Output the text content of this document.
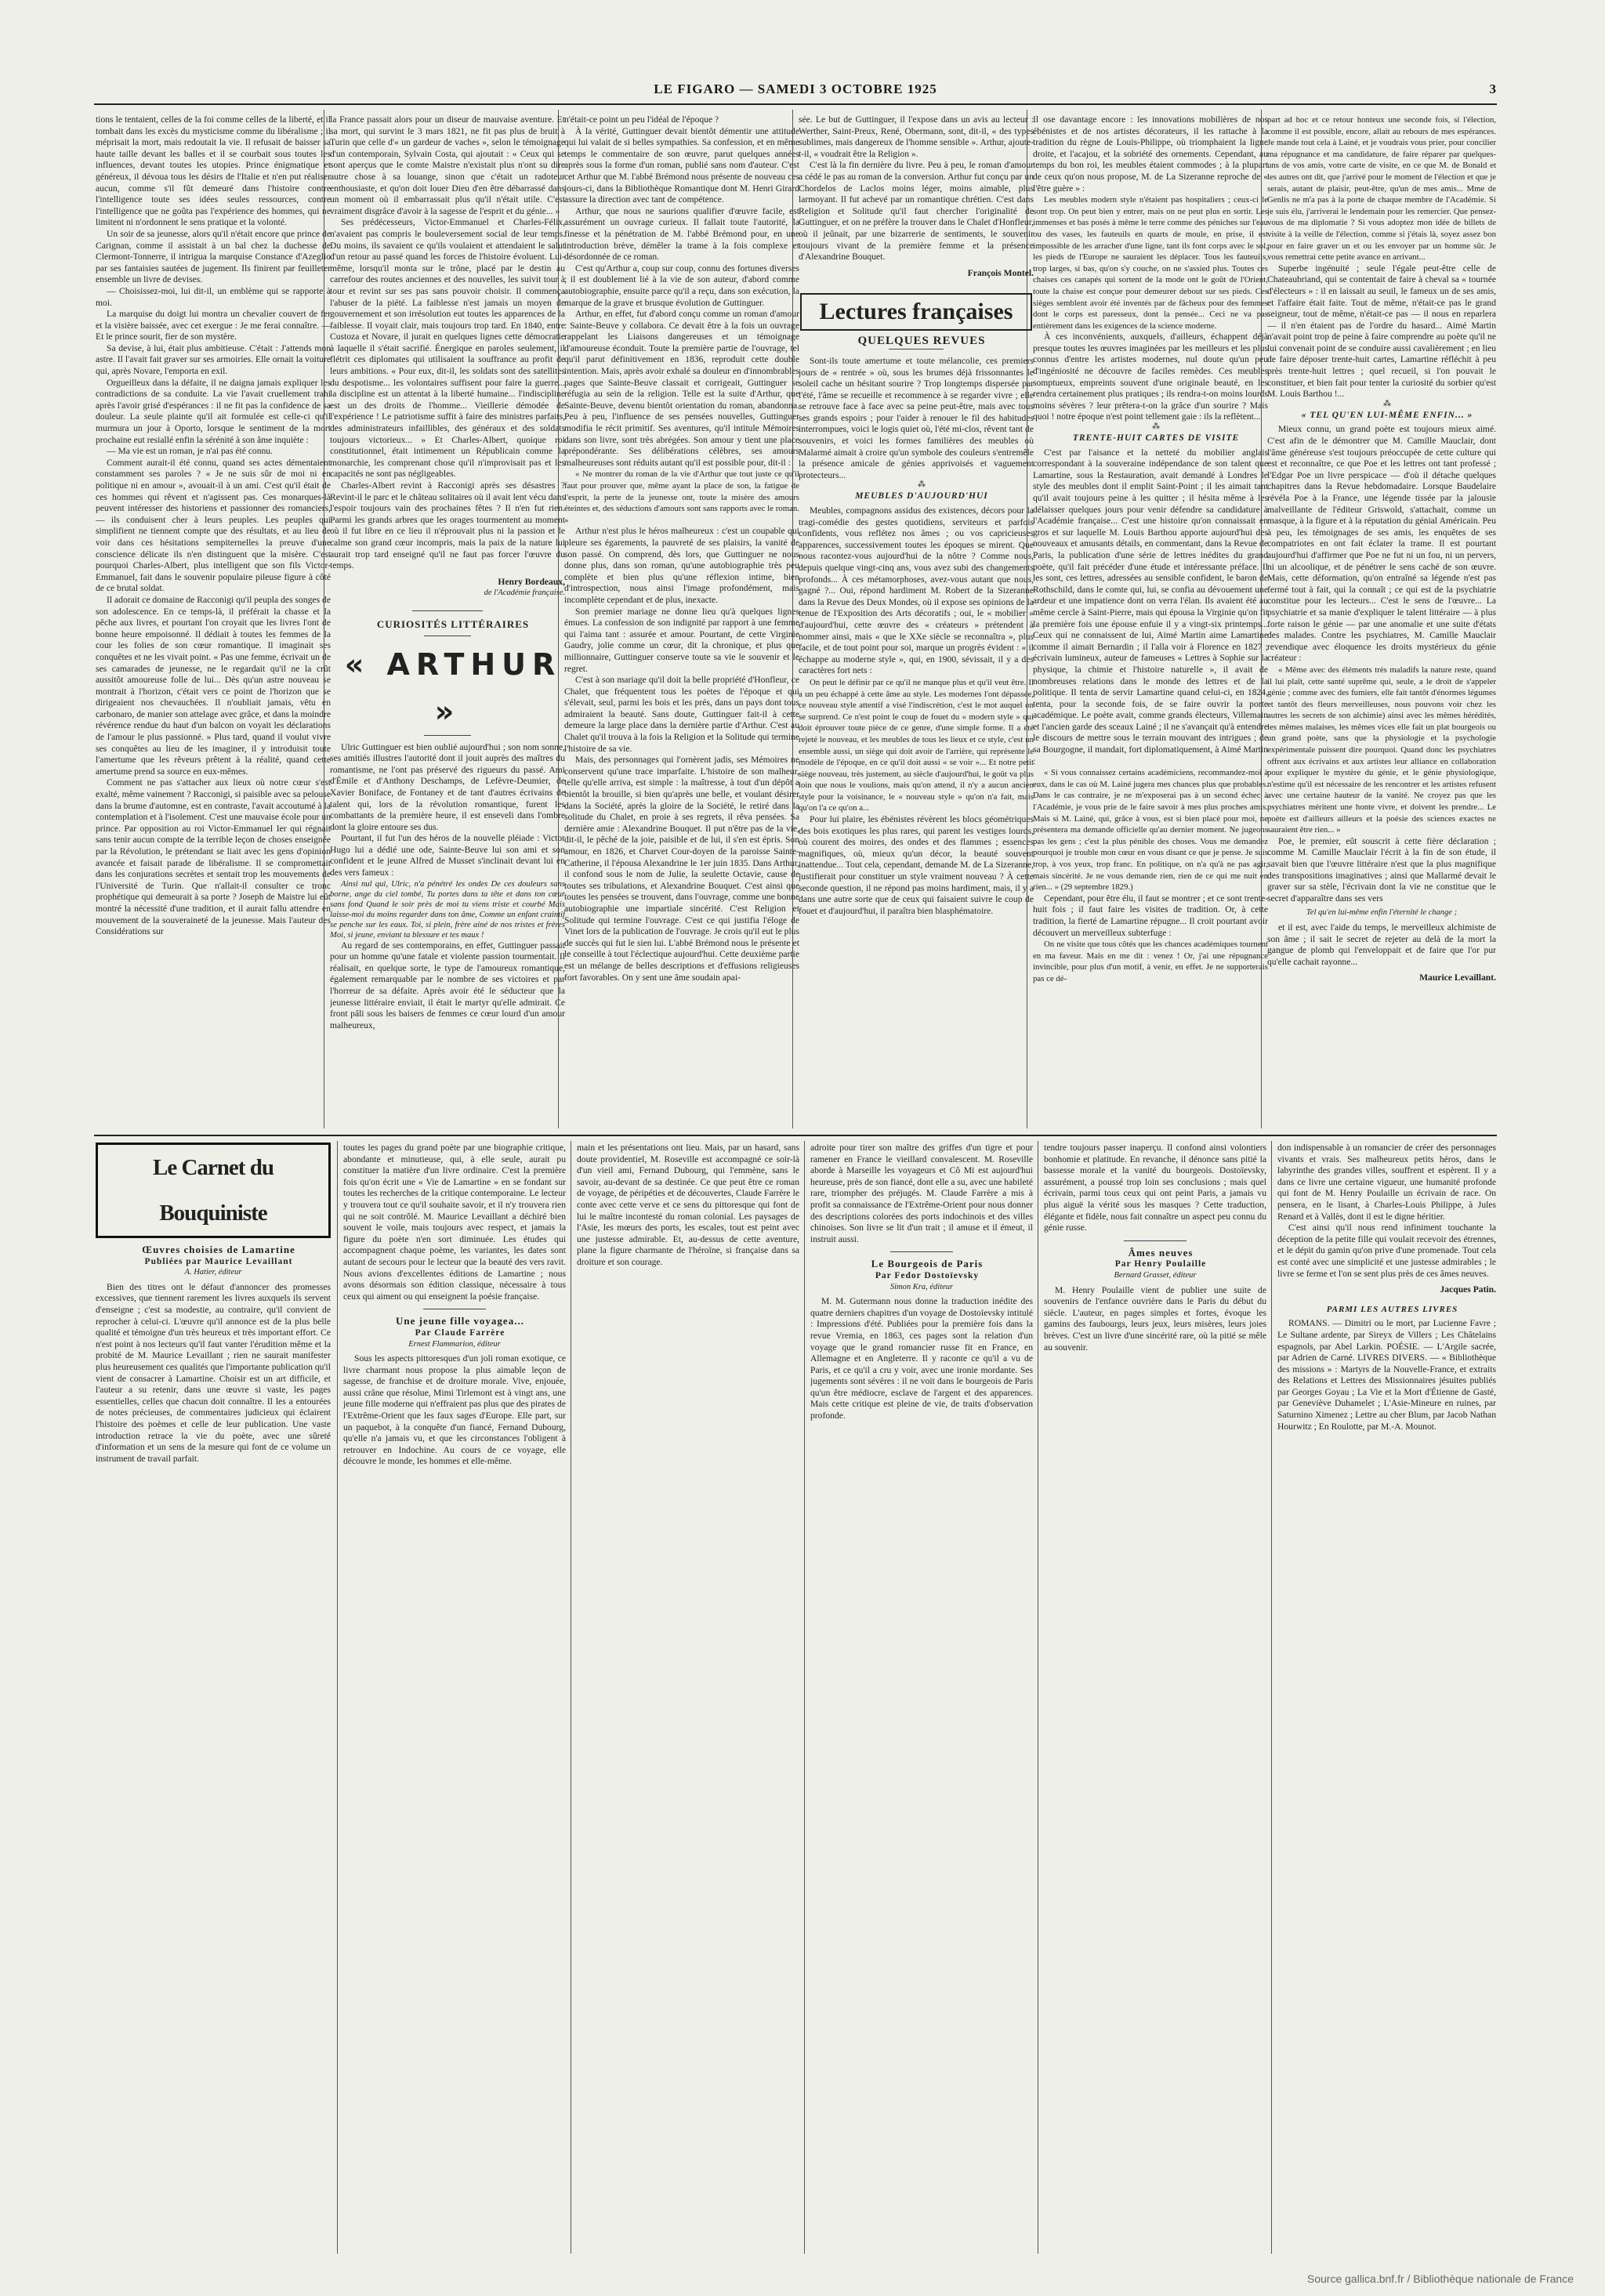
LE FIGARO — SAMEDI 3 OCTOBRE 1925	3

tions le tentaient, celles de la foi comme celles de la liberté, et il tombait dans les excès du mysticisme comme du libéralisme ; il méprisait la mort, mais redoutait la vie. Il refusait de baisser sa haute taille devant les balles et il se courbait sous toutes les influences, devant toutes les utopies. Prince énigmatique et généreux, il dévoua tous les désirs de l'Italie et n'en put réaliser aucun, comme s'il fût demeuré dans l'histoire contre l'intelligence toute ses idées seules ressources, contre l'intelligence que ne goûta pas l'expérience des hommes, qui ne limitent ni n'ordonnent le sens pratique et la volonté.

Un soir de sa jeunesse, alors qu'il n'était encore que prince de Carignan, comme il assistait à un bal chez la duchesse de Clermont-Tonnerre, il intrigua la marquise Constance d'Azeglio par ses fantaisies sautées de jugement. Ils finirent par feuilleter ensemble un livre de devises.

— Choisissez-moi, lui dit-il, un emblème qui se rapporte à moi.

La marquise du doigt lui montra un chevalier couvert de fer et la visière baissée, avec cet exergue : Je me ferai connaître. — Et le prince sourit, fier de son mystère.

Sa devise, à lui, était plus ambitieuse. C'était : J'attends mon astre. Il l'avait fait graver sur ses armoiries. Elle ornait la voiture qui, après Novare, l'emporta en exil.

Orgueilleux dans la défaite, il ne daigna jamais expliquer les contradictions de sa conduite. La vie l'avait cruellement trahi après l'avoir grisé d'espérances : il ne fit pas la confidence de sa douleur. La seule plainte qu'il ait formulée est celle-ci qu'il murmura un jour à Oporto, lorsque le sentiment de la mort prochaine eut resiallé enfin la sérénité à son âme inquiète :

— Ma vie est un roman, je n'ai pas été connu.

Comment aurait-il été connu, quand ses actes démentaient constamment ses paroles ? « Je ne suis sûr de moi ni en politique ni en amour », avouait-il à un ami. C'est qu'il était de ces hommes qui rêvent et n'agissent pas. Ces monarques-là peuvent intéresser des historiens et passionner des romanciers, — ils conduisent cher à leurs peuples. Les peuples qui simplifient ne tiennent compte que des résultats, et au lieu de voir dans ces hésitations sempiternelles la preuve d'une conscience délicate ils n'en distinguent que la misère. C'est pourquoi Charles-Albert, plus intelligent que son fils Victor-Emmanuel, fait dans le souvenir populaire pileuse figure à côté de ce brutal soldat.

Il adorait ce domaine de Racconigi qu'il peupla des songes de son adolescence. En ce temps-là, il préférait la chasse et la pêche aux livres, et pourtant l'on croyait que les livres l'ont de bonne heure empoisonné. Il dédiait à toutes les femmes de la cour les folies de son cœur romantique. Il imaginait ses conquêtes et ne les vivait point. « Pas une femme, écrivait un de ses camarades de jeunesse, ne le regardait qu'il ne la crût aussitôt amoureuse folle de lui... Dès qu'un astre nouveau se montrait à l'horizon, c'était vers ce point de l'horizon que se dirigeaient nos chevauchées. Il n'oubliait jamais, vêtu en carbonaro, de manier son attelage avec grâce, et dans la moindre révérence rendue du haut d'un balcon on voyait les déclarations de l'amour le plus passionné. » Plus tard, quand il voulut vivre ses conquêtes au lieu de les imaginer, il y introduisit toute l'amertume que les rêveurs prêtent à la réalité, quand cette amertume prend sa source en eux-mêmes.

Comment ne pas s'attacher aux lieux où notre cœur s'est exalté, même vainement ? Racconigi, si paisible avec sa pelouse dans la brume d'automne, est en contraste, l'avait accoutumé à la contemplation et à l'isolement. C'est une mauvaise école pour un prince. Par opposition au roi Victor-Emmanuel Ier qui régnait sans tenir aucun compte de la terrible leçon de choses enseignée par la Révolution, le prétendant se liait avec les gens d'opinion avancée et faisait parade de libéralisme. Il se compromettait dans les conjurations secrètes et sentait trop les mouvements de l'Université de Turin. Que n'allait-il consulter ce tronc prophétique qui demeurait à sa porte ? Joseph de Maistre lui eût montré la nécessité d'une tradition, et il aurait fallu attendre en mouvement de la souveraineté de la jeunesse. Mais l'auteur des Considérations sur

la France passait alors pour un diseur de mauvaise aventure. Et sa mort, qui survint le 3 mars 1821, ne fit pas plus de bruit à Turin que celle d'« un gardeur de vaches », selon le témoignage d'un contemporain, Sylvain Costa, qui ajoutait : « Ceux qui se sont aperçus que le comte Maistre n'existait plus n'ont su dire autre chose à sa louange, sinon que c'était un radoteur enthousiaste, et qu'on doit louer Dieu d'en être débarrassé dans un moment où il embarrassait plus qu'il n'était utile. C'est vraiment disgrâce d'avoir à la sagesse de l'esprit et du génie... »

Ses prédécesseurs, Victor-Emmanuel et Charles-Félix, n'avaient pas compris le bouleversement social de leur temps. Du moins, ils savaient ce qu'ils voulaient et attendaient le salut d'un retour au passé quand les forces de l'histoire évoluent. Lui-même, lorsqu'il monta sur le trône, placé par le destin au carrefour des routes anciennes et des nouvelles, les suivit tour à tour et revint sur ses pas sans pouvoir choisir. Il commença l'abuser de la piété. La faiblesse n'est jamais un moyen de gouvernement et son irrésolution eut toutes les apparences de la faiblesse. Il voyait clair, mais toujours trop tard. En 1840, entre Custoza et Novare, il jurait en quelques lignes cette démocratie à laquelle il s'était sacrifié. Énergique en paroles seulement, il flétrit ces diplomates qui utilisaient la souffrance au profit de leurs ambitions. « Pour eux, dit-il, les soldats sont des satellites du despotisme... les volontaires suffisent pour faire la guerre... la discipline est un attentat à la liberté humaine... l'indiscipline est un des droits de l'homme... Vieillerie démodée de l'expérience ! Le patriotisme suffit à faire des ministres parfaits, des administrateurs infaillibles, des généraux et des soldats toujours victorieux... » Et Charles-Albert, quoique roi constitutionnel, était intimement un Républicain comme la monarchie, les comprenant chose qu'il n'improvisait pas et les capacités ne sont pas négligeables.

Charles-Albert revint à Racconigi après ses désastres ? Revint-il le parc et le château solitaires où il avait lent vécu dans l'espoir toujours vain des prochaines fêtes ? Il n'en fut rien. Parmi les grands arbres que les orages tourmentent au moment où il fut libre en ce lieu il n'éprouvait plus ni la passion et le calme son grand cœur incompris, mais la paix de la nature lui aurait trop tard enseigné qu'il ne faut pas forcer l'œuvre du temps.

Henry Bordeaux,

de l'Académie française.

CURIOSITÉS LITTÉRAIRES

« ARTHUR »

Ulric Guttinguer est bien oublié aujourd'hui ; son nom sonne, ses amitiés illustres l'autorité dont il jouit auprès des maîtres du romantisme, ne l'ont pas préservé des rigueurs du passé. Ami d'Émile et d'Anthony Deschamps, de Lefèvre-Deumier, de Xavier Boniface, de Fontaney et de tant d'autres écrivains de talent qui, lors de la révolution romantique, furent les combattants de la première heure, il est enseveli dans l'ombre dont la gloire entoure ses dus.

Pourtant, il fut l'un des héros de la nouvelle pléiade : Victor Hugo lui a dédié une ode, Sainte-Beuve lui son ami et son confident et le jeune Alfred de Musset s'inclinait devant lui en des vers fameux :

Ainsi nul qui, Ulric, n'a pénétré les ondes De ces douleurs sans borne, ange du ciel tombé, Tu portes dans ta tête et dans ton cœur sans fond Quand le soir près de moi tu viens triste et courbé Mais laisse-moi du moins regarder dans ton âme, Comme un enfant craintif se penche sur les eaux. Toi, si plein, frère ainé de nos tristes et frères Moi, si jeune, enviant ta blessure et tes maux !

Au regard de ses contemporains, en effet, Guttinguer passait pour un homme qu'une fatale et violente passion tourmentait. Il réalisait, en quelque sorte, le type de l'amoureux romantique, également remarquable par le nombre de ses victoires et par l'horreur de sa défaite. Après avoir été le séducteur que la jeunesse littéraire enviait, il était le martyr qu'elle admirait. Ce front pâli sous les baisers de femmes ce cœur lourd d'un amour malheureux,

n'était-ce point un peu l'idéal de l'époque ?

À la vérité, Guttinguer devait bientôt démentir une attitude qui lui valait de si belles sympathies. Sa confession, et en même temps le commentaire de son œuvre, parut quelques années après sous la forme d'un roman, publié sans nom d'auteur. C'est cet Arthur que M. l'abbé Brémond nous présente de nouveau ces jours-ci, dans la Bibliothèque Romantique dont M. Henri Girard assure la direction avec tant de compétence.

Arthur, que nous ne saurions qualifier d'œuvre facile, est assurément un ouvrage curieux. Il fallait toute l'autorité, la finesse et la pénétration de M. l'abbé Brémond pour, en une introduction brève, démêler la trame à la fois complexe et désordonnée de ce roman.

C'est qu'Arthur a, coup sur coup, connu des fortunes diverses ; il est doublement lié à la vie de son auteur, d'abord comme autobiographie, ensuite parce qu'il a reçu, dans son exécution, la marque de la grave et brusque évolution de Guttinguer.

Arthur, en effet, fut d'abord conçu comme un roman d'amour : Sainte-Beuve y collabora. Ce devait être à la fois un ouvrage rappelant les Liaisons dangereuses et un témoignage d'amoureuse éconduit. Toute la première partie de l'ouvrage, tel qu'il parut définitivement en 1836, reproduit cette double intention. Mais, après avoir exhalé sa douleur en d'innombrables pages que Sainte-Beuve classait et corrigeait, Guttinguer se réfugia au sein de la religion. Telle est la suite d'Arthur, que Sainte-Beuve, devenu bientôt orientation du roman, abandonna. Peu à peu, l'influence de ses pensées nouvelles, Guttinguer modifia le récit primitif. Ses aventures, qu'il intitule Mémoires dans son livre, sont très abrégées. Son amour y tient une place prépondérante. Ses délibérations célèbres, ses amours malheureuses sont réduits autant qu'il est possible pour, dit-il :

« Ne montrer du roman de la vie d'Arthur que tout juste ce qu'il faut pour prouver que, même ayant la place de son, la fatigue de l'esprit, la perte de la jeunesse ont, toute la misère des amours éteintes et, des séductions d'amours sont sans rapports avec le roman. »

Arthur n'est plus le héros malheureux : c'est un coupable qui pleure ses égarements, la pauvreté de ses plaisirs, la vanité de son passé. On comprend, dès lors, que Guttinguer ne nous donne plus, dans son roman, qu'une autobiographie très peu complète et bien plus qu'une réflexion intime, bien d'introspection, nous ainsi l'image profondément, mais incomplète cependant et de plus, inexacte.

Son premier mariage ne donne lieu qu'à quelques lignes émues. La confession de son indignité par rapport à une femme qui l'aima tant : assurée et amour. Pourtant, de cette Virginie Gaudry, jolie comme un cœur, dit la chronique, et plus que millionnaire, Guttinguer conserve toute sa vie le souvenir et le regret.

C'est à son mariage qu'il doit la belle propriété d'Honfleur, ce Chalet, que fréquentent tous les poètes de l'époque et qui s'élevait, seul, parmi les bois et les prés, dans un pays dont tous admiraient la beauté. Sans doute, Guttinguer fait-il à cette demeure la large place dans la dernière partie d'Arthur. C'est au Chalet qu'il trouva à la fois la Religion et la Solitude qui termine l'histoire de sa vie.

Mais, des personnages qui l'ornèrent jadis, ses Mémoires ne conservent qu'une trace imparfaite. L'histoire de son malheur, telle qu'elle arriva, est simple : la maîtresse, à tout d'un dépôt a bientôt la brouille, si bien qu'après une belle, et voulant désirer dans la Société, après la gloire de la Société, le retiré dans la solitude du Chalet, en proie à ses regrets, il rêva pensées. Sa dernière amie : Alexandrine Bouquet. Il put n'être pas de la vie, dit-il, le pêché de la joie, paisible et de lui, il s'en est épris. Son amour, en 1826, et Charvet Cour-doyen de la paroisse Sainte-Catherine, il l'épousa Alexandrine le 1er juin 1835. Dans Arthur, il confond sous le nom de Julie, la seulette Octavie, cause de toutes ses tribulations, et Alexandrine Bouquet. C'est ainsi que toutes les pensées se trouvent, dans l'ouvrage, comme une bonne autobiographie une impartiale sincérité. C'est Religion et Solitude qui termine l'ouvrage. C'est ce qui justifia l'éloge de Vinet lors de la publication de l'ouvrage. Je crois qu'il eut le plus de succès qui fut le sien lui. L'abbé Brémond nous le présente et le conseille à tout l'éclectique aujourd'hui. Cette deuxième partie est un mélange de belles descriptions et d'effusions religieuses fort favorables. On y sent une âme soudain apai-

sée. Le but de Guttinguer, il l'expose dans un avis au lecteur : Werther, Saint-Preux, René, Obermann, sont, dit-il, « des types sublimes, mais dangereux de l'homme sensible ». Arthur, ajoute-t-il, « voudrait être la Religion ».

C'est là la fin dernière du livre. Peu à peu, le roman d'amour a cédé le pas au roman de la conversion. Arthur fut conçu par un Chordelos de Laclos moins léger, moins aimable, plus larmoyant. Il fut achevé par un romantique chrétien. C'est dans Religion et Solitude qu'il faut chercher l'originalité de Guttinguer, et on ne préfère la trouver dans le Chalet d'Honfleur, où il jeûnait, par une bizarrerie de sentiments, le souvenir toujours vivant de la première femme et la présence d'Alexandrine Bouquet.

François Montel.

Lectures françaises

QUELQUES REVUES

Sont-ils toute amertume et toute mélancolie, ces premiers jours de « rentrée » où, sous les brumes déjà frissonnantes le soleil cache un hésitant sourire ? Trop longtemps dispersée par l'été, l'âme se recueille et recommence à se regarder vivre ; elle se retrouve face à face avec sa peine peut-être, mais avec tous ses grands espoirs ; pour l'aider à renouer le fil des habitudes interrompues, voici le logis quiet où, l'été mi-clos, rêvent tant de souvenirs, et voici les formes familières des meubles où Malarmé aimait à croire qu'un symbole des couleurs s'entremêle la présence amicale de génies apprivoisés et vaguement protecteurs...

⁂

MEUBLES D'AUJOURD'HUI

Meubles, compagnons assidus des existences, décors pour la tragi-comédie des gestes quotidiens, serviteurs et parfois confidents, vous reflétez nos âmes ; ou vos capricieuses apparences, successivement toutes les époques se mirent. Que nous racontez-vous aujourd'hui de la nôtre ? Comme nous, depuis quelque vingt-cinq ans, vous avez subi des changements profonds... À ces métamorphoses, avez-vous autant que nous, gagné ?... Oui, répond hardiment M. Robert de la Sizeranne dans la Revue des Deux Mondes, où il expose ses opinions de la tenue de l'Exposition des Arts décoratifs ; oui, le « mobilier » d'aujourd'hui, cette œuvre des « créateurs » prétendent à nommer ainsi, mais « que le XXe siècle se reconnaîtra », plus facile, et de tout point pour soi, marque un progrès évident : « il échappe au moderne style », qui, en 1900, sévissait, il y a des caractères fort nets :

On peut le définir par ce qu'il ne manque plus et qu'il veut être. Il a un peu échappé à cette âme au style. Les modernes l'ont dépassée, ce nouveau style attentif a visé l'indiscrétion, c'est le mot auquel on se surprend. Ce n'est point le coup de fouet du « modern style » qui doit éprouver toute pièce de ce genre, d'une simple forme. Il a été rejeté le nouveau, et les meubles de tous les lieux et ce style, c'est un ensemble aussi, un siège qui doit avoir de l'arrière, qui représente le modèle de l'époque, en ce qu'il doit aussi « se voir »... Et notre petit siège nouveau, très justement, au siècle d'aujourd'hui, le goût va plus loin que nous le voulions, mais qu'on attend, il n'y a aucun ancien style pour la voisinance, le « nouveau style » qu'on n'a fait, mais qu'on l'a ce qu'on a...

Pour lui plaire, les ébénistes révèrent les blocs géométriques des bois exotiques les plus rares, qui parent les vestiges lourds, où courent des moires, des ondes et des flammes ; essences magnifiques, où, mieux qu'un décor, la beauté souvent inattendue... Tout cela, cependant, demande M. de La Sizeranne, justifierait pour constituer un style vraiment nouveau ? À cette seconde question, il ne répond pas moins hardiment, mais, il y a dans une autre sorte que de ceux qui faisaient suivre le coup de fouet et d'aujourd'hui, il paraîtra bien blasphématoire.

Il ose davantage encore : les innovations mobilières de nos ébénistes et de nos artistes décorateurs, il les rattache à la tradition du règne de Louis-Philippe, où triomphaient la ligne droite, et l'acajou, et la sobriété des ornements. Cependant, au temps du bon roi, les meubles étaient commodes ; à la plupart de ceux qu'on nous propose, M. de La Sizeranne reproche de « l'être guère » :

Les meubles modern style n'étaient pas hospitaliers ; ceux-ci le sont trop. On peut bien y entrer, mais on ne peut plus en sortir. Les immenses et bas posés à même le terre comme des péniches sur l'eau ou des vases, les fauteuils en quarts de moule, en prise, il est impossible de les arracher d'une ligne, tant ils font corps avec le sol, les pieds de l'Europe ne sauraient les déplacer. Tous les fauteuils, trop larges, si bas, qu'on s'y couche, on ne s'assied plus. Toutes ces chaises ces canapés qui sortent de la mode ont le goût de l'Orient, toute la chaise est conçue pour demeurer debout sur ses pieds. Ces sièges semblent avoir été inventés par de fâcheux pour des femmes dont le corps est paresseux, dont la pensée... Ceci ne va pas entièrement dans les exigences de la science moderne.

À ces inconvénients, auxquels, d'ailleurs, échappent déjà presque toutes les œuvres imaginées par les meilleurs et les plus connus d'entre les artistes modernes, nul doute qu'un peu d'ingéniosité ne découvre de faciles remèdes. Ces meubles somptueux, empreints souvent d'une originale beauté, en les rendra certainement plus pratiques ; ils rendra-t-on moins lourds moins sévères ? leur prêtera-t-on la grâce d'un sourire ? Mais quoi ! notre époque n'est point tellement gaie : ils la reflètent...

⁂

TRENTE-HUIT CARTES DE VISITE

C'est par l'aisance et la netteté du mobilier anglais correspondant à la souveraine indépendance de son talent que Lamartine, sous la Restauration, avait demandé à Londres le style des meubles dont il emplit Saint-Point ; il les aimait tant qu'il avait toujours peine à les quitter ; il hésita même à les délaisser quelques jours pour venir défendre sa candidature à l'Académie française... C'est une histoire qu'on connaissait en gros et sur laquelle M. Louis Barthou apporte aujourd'hui des nouveaux et amusants détails, en commentant, dans la Revue de Paris, la publication d'une série de lettres inédites du grand poète, qu'il fait précéder d'une étude et intéressante préface. Il les sont, ces lettres, adressées au sensible confident, le baron de Rothschild, dans le comte qui, lui, se confia au dévouement une ardeur et une impatience dont on verra l'élan. Ils avaient été au même cercle à Saint-Pierre, mais qui épousa la Virginie qu'on fit la première fois une épouse enfuie il y a vingt-six printemps... Ceux qui ne connaissent de lui, Aimé Martin aime Lamartine comme il aimait Bernardin ; il l'alla voir à Florence en 1827 ; écrivain lumineux, auteur de fameuses « Lettres à Sophie sur la physique, la chimie et l'histoire naturelle », il avait de nombreuses relations dans le monde des lettres et de la politique. Il tenta de servir Lamartine quand celui-ci, en 1824, tenta, pour la seconde fois, de se faire ouvrir la porte académique. Le poète avait, comme grands électeurs, Villemain et l'ancien garde des sceaux Lainé ; il ne s'avançait qu'à entendre le discours de mettre sous le terrain mouvant des intrigues ; de sa Bourgogne, il mandait, fort diplomatiquement, à Aimé Martin :

« Si vous connaissez certains académiciens, recommandez-moi à eux, dans le cas où M. Lainé jugera mes chances plus que probables. Dans le cas contraire, je ne m'exposerai pas à un second échec à l'Académie, je vous prie de le faire savoir à mes plus proches amis. Mais si M. Lainé, qui, grâce à vous, est si bien placé pour moi, ne présentera ma demande officielle qu'au dernier moment. Ne jugeons pas les gens ; c'est la plus pénible des choses. Vous me demandez pourquoi je trouble mon cœur en vous disant ce que je pense. Je suis trop, à vos yeux, trop franc. En politique, on n'a qu'à ne pas agir, mais sincérité. Je ne vous demande rien, rien de ce qui me nuit en rien... » (29 septembre 1829.)

Cependant, pour être élu, il faut se montrer ; et ce sont trente-huit fois ; il faut faire les visites de tradition. Or, à cette tradition, la fierté de Lamartine répugne... Il croit pourtant avoir découvert un merveilleux subterfuge :

On ne visite que tous côtés que les chances académiques tournent en ma faveur. Mais en me dit : venez ! Or, j'ai une répugnance invincible, pour plus d'un motif, à venir, en effet. Je ne supporterais pas ce dé-

part ad hoc et ce retour honteux une seconde fois, si l'élection, comme il est possible, encore, allait au rebours de mes espérances. Je mande tout cela à Lainé, et je voudrais vous prier, pour concilier ma répugnance et ma candidature, de faire réparer par quelques-uns de vos amis, votre carte de visite, en ce que M. de Bonald et les autres ont dit, que j'arrivé pour le moment de l'élection et que je serais, autant de plaisir, peut-être, qu'un de mes amis... Mme de Genlis ne m'a pas à la porte de chaque membre de l'Académie. Si je suis élu, j'arriverai le lendemain pour les remercier. Que pensez-vous de ma diplomatie ? Si vous adoptez mon idée de billets de visite à la veille de l'élection, comme si j'étais là, soyez assez bon pour en faire graver un et ou les envoyer par un homme sûr. Je vous remettrai cette petite avance en arrivant...

Superbe ingénuité ; seule l'égale peut-être celle de Chateaubriand, qui se contentait de faire à cheval sa « tournée d'électeurs » : il en laissait au seuil, le fameux un de ses amis, et l'affaire était faite. Tout de même, n'était-ce pas le grand seigneur, tout de même, n'était-ce pas — il nous en reparlera — il n'en étaient pas de l'ordre du hasard... Aimé Martin n'avait point trop de peine à faire comprendre au poète qu'il ne lui convenait point de se conduire aussi cavalièrement ; en lieu de faire déposer trente-huit cartes, Lamartine réfléchit à peu près trente-huit lettres ; quel recueil, si l'on pouvait le constituer, et bien fait pour tenter la curiosité du sorbier qu'est M. Louis Barthou !...

⁂

« TEL QU'EN LUI-MÊME ENFIN... »

Mieux connu, un grand poète est toujours mieux aimé. C'est afin de le démontrer que M. Camille Mauclair, dont l'âme généreuse s'est toujours préoccupée de cette culture qui est et reconnaître, ce que Poe et les lettres ont tant professé ; l'Edgar Poe un livre perspicace — d'où il détache quelques chapitres dans la Revue hebdomadaire. Lorsque Baudelaire révéla Poe à la France, une légende tissée par la jalousie malveillante de l'éditeur Griswold, s'attachait, comme un masque, à la figure et à la réputation du génial Américain. Peu à peu, les témoignages de ses amis, les enquêtes de ses compatriotes en ont fait éclater la trame. Il est pourtant aujourd'hui d'affirmer que Poe ne fut ni un fou, ni un pervers, ni un alcoolique, et de pénétrer le sens caché de son œuvre. Mais, cette déformation, qu'on entraîné sa légende n'est pas fermé tout à fait, qui la connaît ; ce qui est de la psychiatrie constitue pour les lecteurs... C'est le sens de l'œuvre... La psychiatrie et sa manie d'expliquer le talent littéraire — à plus forte raison le génie — par une anomalie et une suite d'états des malades. Contre les psychiatres, M. Camille Mauclair revendique avec éloquence les droits mystérieux du génie créateur :

« Même avec des éléments très maladifs la nature reste, quand il lui plaît, cette santé suprême qui, seule, a le droit de s'appeler génie ; comme avec des fumiers, elle fait tantôt d'énormes légumes et tantôt des fleurs merveilleuses, nous pouvons voir chez les autres les secrets de son alchimie) ainsi avec les mêmes hérédités, les mêmes malaises, les mêmes vices elle fait un plat bourgeois ou un grand poète, sans que la physiologie et la psychologie expérimentale puissent dire pourquoi. Quand donc les psychiatres offrent aux écrivains et aux artistes leur alliance en collaboration pour expliquer le mystère du génie, et le génie physiologique, n'estime qu'il est nécessaire de les rencontrer et les artistes refusent avec une certaine hauteur de la vanité. Ne croyez pas que les psychiatres méritent une honte vivre, et doivent les prendre... Le poète est d'ailleurs ailleurs et la poésie des sciences exactes ne sauraient être rien... »

Poe, le premier, eût souscrit à cette fière déclaration ; comme M. Camille Mauclair l'écrit à la fin de son étude, il savait bien que l'œuvre littéraire n'est que la plus magnifique des transpositions imaginatives ; ainsi que Mallarmé devait le graver sur sa stèle, l'écrivain dont la vie ne constitue que le secret d'apparaître dans ses vers

Tel qu'en lui-même enfin l'éternité le change ;

et il est, avec l'aide du temps, le merveilleux alchimiste de son âme ; il sait le secret de rejeter au delà de la mort la gangue de plomb qui l'enveloppait et de faire que l'or pur qu'elle cachait rayonne...

Maurice Levaillant.

Le Carnet du Bouquiniste

Œuvres choisies de Lamartine

Publiées par Maurice Levaillant

A. Hatier, éditeur

Bien des titres ont le défaut d'annoncer des promesses excessives, que tiennent rarement les livres auxquels ils servent d'enseigne ; c'est sa modestie, au contraire, qu'il convient de reprocher à celui-ci. L'œuvre qu'il annonce est de la plus belle qualité et témoigne d'un très heureux et très important effort. Ce n'est point à nos lecteurs qu'il faut vanter l'érudition même et la probité de M. Maurice Levaillant ; rien ne saurait manifester plus heureusement ces qualités que l'importante publication qu'il vient de consacrer à Lamartine. Choisir est un art difficile, et l'auteur a su retenir, dans une œuvre si vaste, les pages essentielles, celles que chacun doit connaître. Il les a entourées de notes précieuses, de commentaires judicieux qui éclairent l'histoire des poèmes et celle de leur publication. Une vaste introduction retrace la vie du poète, avec une sûreté d'information et un sens de la mesure qui font de ce volume un instrument de travail parfait.

toutes les pages du grand poète par une biographie critique, abondante et minutieuse, qui, à elle seule, aurait pu constituer la matière d'un livre ordinaire. C'est la première fois qu'on écrit une « Vie de Lamartine » en se fondant sur toutes les recherches de la critique contemporaine. Le lecteur y trouvera tout ce qu'il souhaite savoir, et il n'y trouvera rien qui ne soit contrôlé. M. Maurice Levaillant a déchiré bien souvent le voile, mais toujours avec respect, et jamais la figure du poète n'en sort diminuée. Les études qui accompagnent chaque poème, les variantes, les dates sont autant de secours pour le lecteur que la beauté des vers ravit. Nous avions d'excellentes éditions de Lamartine ; nous avons désormais son édition classique, nécessaire à tous ceux qui aiment ou qui enseignent la poésie française.

Une jeune fille voyagea...

Par Claude Farrère

Ernest Flammarion, éditeur

Sous les aspects pittoresques d'un joli roman exotique, ce livre charmant nous propose la plus aimable leçon de sagesse, de franchise et de droiture morale. Vive, enjouée, aussi crâne que résolue, Mimi Tirlemont est à vingt ans, une jeune fille moderne qui n'effraient pas plus que des pirates de l'Extrême-Orient que les faux sages d'Europe. Elle part, sur un paquebot, à la conquête d'un fiancé, Fernand Dubourg, qu'elle n'a jamais vu, et que les circonstances l'obligent à retrouver en Indochine. Au cours de ce voyage, elle découvre le monde, les hommes et elle-même.

main et les présentations ont lieu. Mais, par un hasard, sans doute providentiel, M. Roseville est accompagné ce soir-là d'un vieil ami, Fernand Dubourg, qui l'emmène, sans le savoir, au-devant de sa destinée. Ce que peut être ce roman de voyage, de péripéties et de découvertes, Claude Farrère le conte avec cette verve et ce sens du pittoresque qui font de lui le maître incontesté du roman colonial. Les paysages de l'Asie, les mœurs des ports, les escales, tout est peint avec une justesse admirable. Et, au-dessus de cette aventure, plane la figure charmante de l'héroïne, si française dans sa droiture et son courage.

adroite pour tirer son maître des griffes d'un tigre et pour ramener en France le vieillard convalescent. M. Roseville aborde à Marseille les voyageurs et Cô Mi est aujourd'hui heureuse, près de son fiancé, dont elle a su, avec une habileté rare, triompher des préjugés. M. Claude Farrère a mis à profit sa connaissance de l'Extrême-Orient pour nous donner des descriptions colorées des ports indochinois et des villes chinoises. Son livre se lit d'un trait ; il amuse et il émeut, il instruit aussi.

Le Bourgeois de Paris

Par Fedor Dostoïevsky

Simon Kra, éditeur

M. M. Gutermann nous donne la traduction inédite des quatre derniers chapitres d'un voyage de Dostoïevsky intitulé : Impressions d'été. Publiées pour la première fois dans la revue Vremia, en 1863, ces pages sont la relation d'un voyage que le grand romancier russe fit en France, en Allemagne et en Angleterre. Il y raconte ce qu'il a vu de Paris, et ce qu'il a cru y voir, avec une ironie mordante. Ses jugements sont sévères : il ne voit dans le bourgeois de Paris qu'un être médiocre, esclave de l'argent et des apparences. Mais cette critique est pleine de vie, de traits d'observation profonde.

tendre toujours passer inaperçu. Il confond ainsi volontiers bonhomie et platitude. En revanche, il dénonce sans pitié la bassesse morale et la vanité du bourgeois. Dostoïevsky, assurément, a poussé trop loin ses conclusions ; mais quel écrivain, parmi tous ceux qui ont peint Paris, a jamais vu plus aiguë la vérité sous les masques ? Cette traduction, élégante et fidèle, nous fait connaître un aspect peu connu du génie russe.

Âmes neuves

Par Henry Poulaille

Bernard Grasset, éditeur

M. Henry Poulaille vient de publier une suite de souvenirs de l'enfance ouvrière dans le Paris du début du siècle. L'auteur, en pages simples et fortes, évoque les gamins des faubourgs, leurs jeux, leurs misères, leurs joies brèves. C'est un livre d'une sincérité rare, où la pitié se mêle au souvenir.

don indispensable à un romancier de créer des personnages vivants et vrais. Ses malheureux petits héros, dans le labyrinthe des grandes villes, souffrent et espèrent. Il y a dans ce livre une certaine vigueur, une humanité profonde qui font de M. Henry Poulaille un écrivain de race. On pensera, en le lisant, à Charles-Louis Philippe, à Jules Renard et à Vallès, dont il est le digne héritier.

C'est ainsi qu'il nous rend infiniment touchante la déception de la petite fille qui voulait recevoir des étrennes, et le dépit du gamin qu'on prive d'une promenade. Tout cela est conté avec une simplicité et une justesse admirables ; le livre se ferme et l'on se sent plus près de ces âmes neuves.

Jacques Patin.

PARMI LES AUTRES LIVRES

ROMANS. — Dimitri ou le mort, par Lucienne Favre ; Le Sultane ardente, par Sireyx de Villers ; Les Châtelains espagnols, par Abel Larkin. POÉSIE. — L'Argile sacrée, par Adrien de Carné. LIVRES DIVERS. — « Bibliothèque des missions » : Martyrs de la Nouvelle-France, et extraits des Relations et Lettres des Missionnaires jésuites publiés par Georges Goyau ; La Vie et la Mort d'Étienne de Gasté, par Geneviève Duhamelet ; L'Asie-Mineure en ruines, par Saturnino Ximenez ; Lettre au cher Blum, par Jacob Nathan Hourwitz ; En Roulotte, par M.-A. Mounot.

Source gallica.bnf.fr / Bibliothèque nationale de France
